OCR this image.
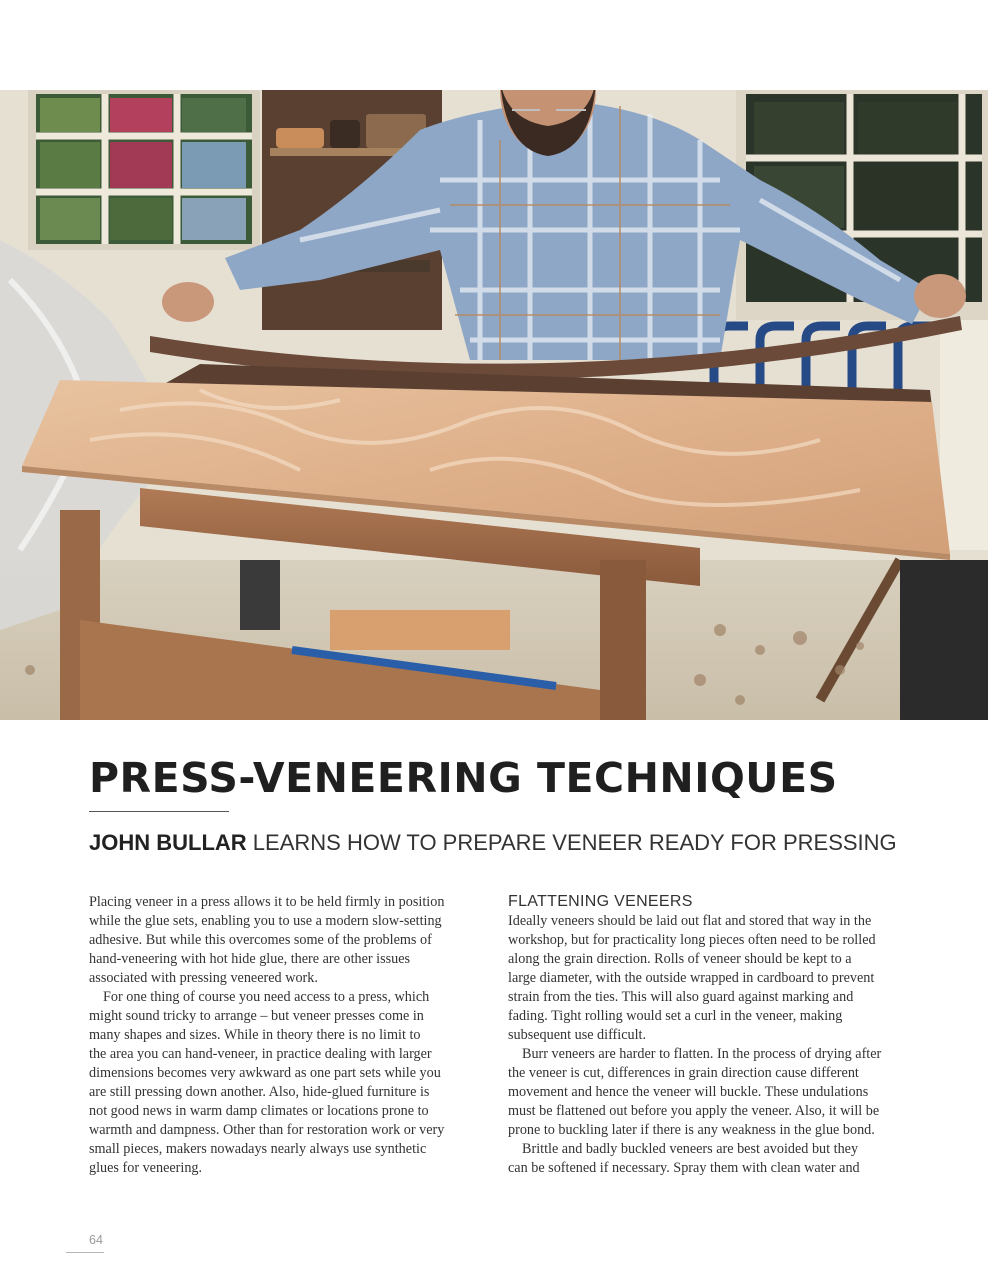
PRESS-VENEERING TECHNIQUES
JOHN BULLAR LEARNS HOW TO PREPARE VENEER READY FOR PRESSING

Placing veneer in a press allows it to be held firmly in position
while the glue sets, enabling you to use a modern slow-setting
adhesive. But while this overcomes some of the problems of
hand-veneering with hot hide glue, there are other issues
associated with pressing veneered work.

For one thing of course you need access to a press, which
might sound tricky to arrange – but veneer presses come in
many shapes and sizes. While in theory there is no limit to
the area you can hand-veneer, in practice dealing with larger
dimensions becomes very awkward as one part sets while you
are still pressing down another. Also, hide-glued furniture is
not good news in warm damp climates or locations prone to
warmth and dampness. Other than for restoration work or very
small pieces, makers nowadays nearly always use synthetic
glues for veneering.

FLATTENING VENEERS

Ideally veneers should be laid out flat and stored that way in the
workshop, but for practicality long pieces often need to be rolled
along the grain direction. Rolls of veneer should be kept to a
large diameter, with the outside wrapped in cardboard to prevent
strain from the ties. This will also guard against marking and
fading. Tight rolling would set a curl in the veneer, making
subsequent use difficult.

Burr veneers are harder to flatten. In the process of drying after
the veneer is cut, differences in grain direction cause different
movement and hence the veneer will buckle. These undulations
must be flattened out before you apply the veneer. Also, it will be
prone to buckling later if there is any weakness in the glue bond.

Brittle and badly buckled veneers are best avoided but they
can be softened if necessary. Spray them with clean water and

64
